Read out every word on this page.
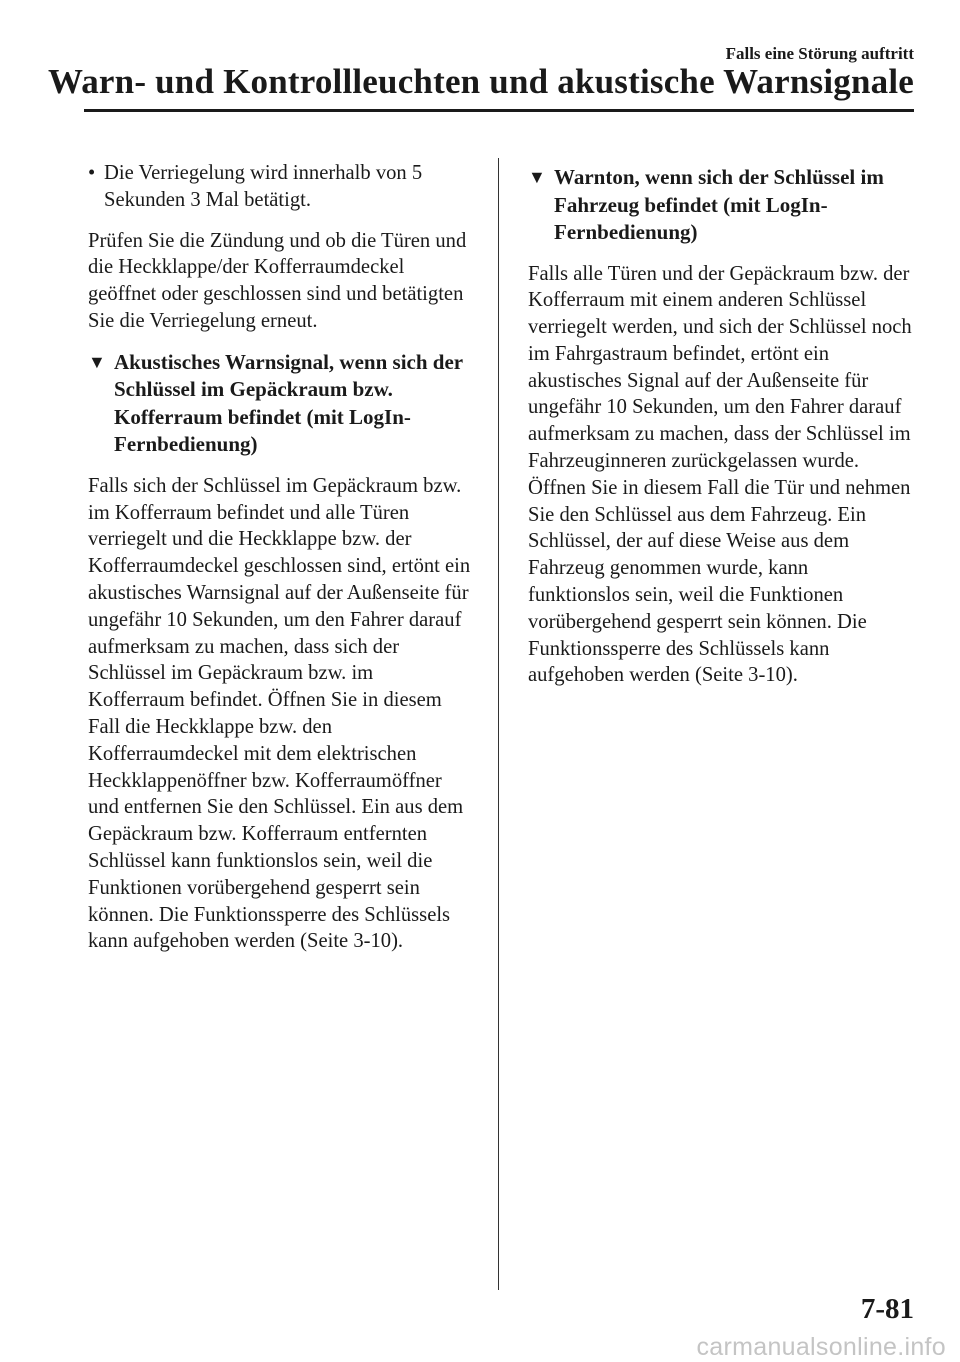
Falls eine Störung auftritt
Warn- und Kontrollleuchten und akustische Warnsignale
• Die Verriegelung wird innerhalb von 5 Sekunden 3 Mal betätigt.

Prüfen Sie die Zündung und ob die Türen und die Heckklappe/der Kofferraumdeckel geöffnet oder geschlossen sind und betätigten Sie die Verriegelung erneut.

▼ Akustisches Warnsignal, wenn sich der Schlüssel im Gepäckraum bzw. Kofferraum befindet (mit LogIn-Fernbedienung)

Falls sich der Schlüssel im Gepäckraum bzw. im Kofferraum befindet und alle Türen verriegelt und die Heckklappe bzw. der Kofferraumdeckel geschlossen sind, ertönt ein akustisches Warnsignal auf der Außenseite für ungefähr 10 Sekunden, um den Fahrer darauf aufmerksam zu machen, dass sich der Schlüssel im Gepäckraum bzw. im Kofferraum befindet. Öffnen Sie in diesem Fall die Heckklappe bzw. den Kofferraumdeckel mit dem elektrischen Heckklappenöffner bzw. Kofferraumöffner und entfernen Sie den Schlüssel. Ein aus dem Gepäckraum bzw. Kofferraum entfernten Schlüssel kann funktionslos sein, weil die Funktionen vorübergehend gesperrt sein können. Die Funktionssperre des Schlüssels kann aufgehoben werden (Seite 3-10).

▼ Warnton, wenn sich der Schlüssel im Fahrzeug befindet (mit LogIn-Fernbedienung)

Falls alle Türen und der Gepäckraum bzw. der Kofferraum mit einem anderen Schlüssel verriegelt werden, und sich der Schlüssel noch im Fahrgastraum befindet, ertönt ein akustisches Signal auf der Außenseite für ungefähr 10 Sekunden, um den Fahrer darauf aufmerksam zu machen, dass der Schlüssel im Fahrzeuginneren zurückgelassen wurde. Öffnen Sie in diesem Fall die Tür und nehmen Sie den Schlüssel aus dem Fahrzeug. Ein Schlüssel, der auf diese Weise aus dem Fahrzeug genommen wurde, kann funktionslos sein, weil die Funktionen vorübergehend gesperrt sein können. Die Funktionssperre des Schlüssels kann aufgehoben werden (Seite 3-10).

7-81
carmanualsonline.info
